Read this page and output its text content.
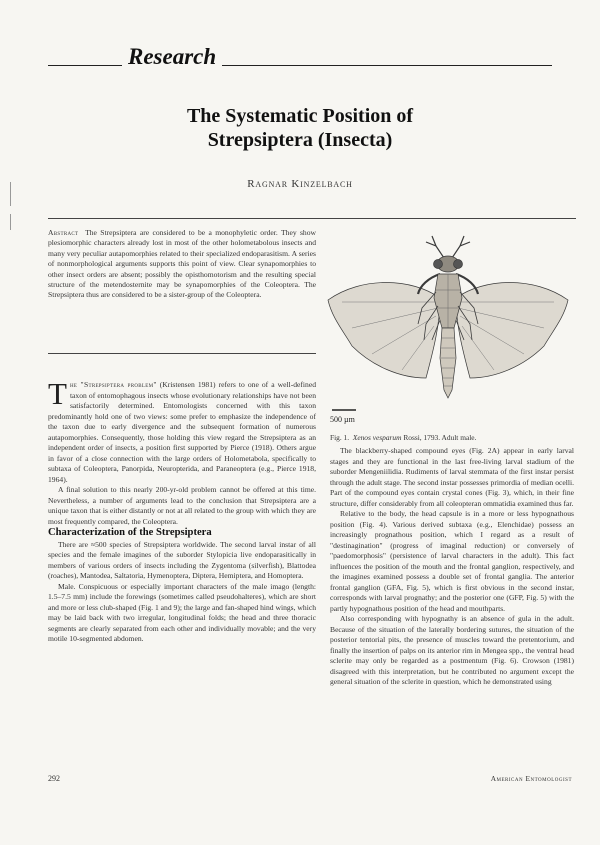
Research
The Systematic Position of
Strepsiptera (Insecta)
Ragnar Kinzelbach
Abstract The Strepsiptera are considered to be a monophyletic order. They show plesiomorphic characters already lost in most of the other holometabolous insects and many very peculiar autapomorphies related to their specialized endoparasitism. A series of nonmorphological arguments supports this point of view. Clear synapomorphies to other insect orders are absent; possibly the opisthomotorism and the resulting special structure of the metendosternite may be synapomorphies of the Coleoptera. The Strepsiptera thus are considered to be a sister-group of the Coleoptera.
500 µm
Fig. 1. Xenos vesparum Rossi, 1793. Adult male.

The "Strepsiptera problem" (Kristensen 1981) refers to one of a well-defined taxon of entomophagous insects whose evolutionary relationships have not been satisfactorily determined. Entomologists concerned with this taxon predominantly hold one of two views: some prefer to emphasize the independence of the taxon due to early divergence and the subsequent formation of numerous autapomorphies. Consequently, those holding this view regard the Strepsiptera as an independent order of insects, a position first supported by Pierce (1918). Others argue in favor of a close connection with the large orders of Holometabola, specifically to subtaxa of Coleoptera, Panorpida, Neuropterida, and Paraneoptera (e.g., Pierce 1918, 1964).

A final solution to this nearly 200-yr-old problem cannot be offered at this time. Nevertheless, a number of arguments lead to the conclusion that Strepsiptera are a unique taxon that is either distantly or not at all related to the group with which they are most frequently compared, the Coleoptera.

Characterization of the Strepsiptera

There are ≈500 species of Strepsiptera worldwide. The second larval instar of all species and the female imagines of the suborder Stylopicia live endoparasitically in members of various orders of insects including the Zygentoma (silverfish), Blattodea (roaches), Mantodea, Saltatoria, Hymenoptera, Diptera, Hemiptera, and Homoptera.

Male. Conspicuous or especially important characters of the male imago (length: 1.5–7.5 mm) include the forewings (sometimes called pseudohalteres), which are short and more or less club-shaped (Fig. 1 and 9); the large and fan-shaped hind wings, which may be laid back with two irregular, longitudinal folds; the head and three thoracic segments are clearly separated from each other and individually movable; and the very motile 10-segmented abdomen.

The blackberry-shaped compound eyes (Fig. 2A) appear in early larval stages and they are functional in the last free-living larval stadium of the suborder Mengeniilidia. Rudiments of larval stemmata of the first instar persist through the adult stage. The second instar possesses primordia of median ocelli. Part of the compound eyes contain crystal cones (Fig. 3), which, in their fine structure, differ considerably from all coleopteran ommatidia examined thus far.

Relative to the body, the head capsule is in a more or less hypognathous position (Fig. 4). Various derived subtaxa (e.g., Elenchidae) possess an increasingly prognathous position, which I regard as a result of "destinagination" (progress of imaginal reduction) or conversely of "paedomorphosis" (persistence of larval characters in the adult). This fact influences the position of the mouth and the frontal ganglion, respectively, and the imagines examined possess a double set of frontal ganglia. The anterior frontal ganglion (GFA, Fig. 5), which is first obvious in the second instar, corresponds with larval prognathy; and the posterior one (GFP, Fig. 5) with the partly hypognathous position of the head and mouthparts.

Also corresponding with hypognathy is an absence of gula in the adult. Because of the situation of the laterally bordering sutures, the situation of the posterior tentorial pits, the presence of muscles toward the pretentorium, and finally the insertion of palps on its anterior rim in Mengea spp., the ventral head sclerite may only be regarded as a postmentum (Fig. 6). Crowson (1981) disagreed with this interpretation, but he contributed no argument except the general situation of the sclerite in question, which he demonstrated using

292	American Entomologist
